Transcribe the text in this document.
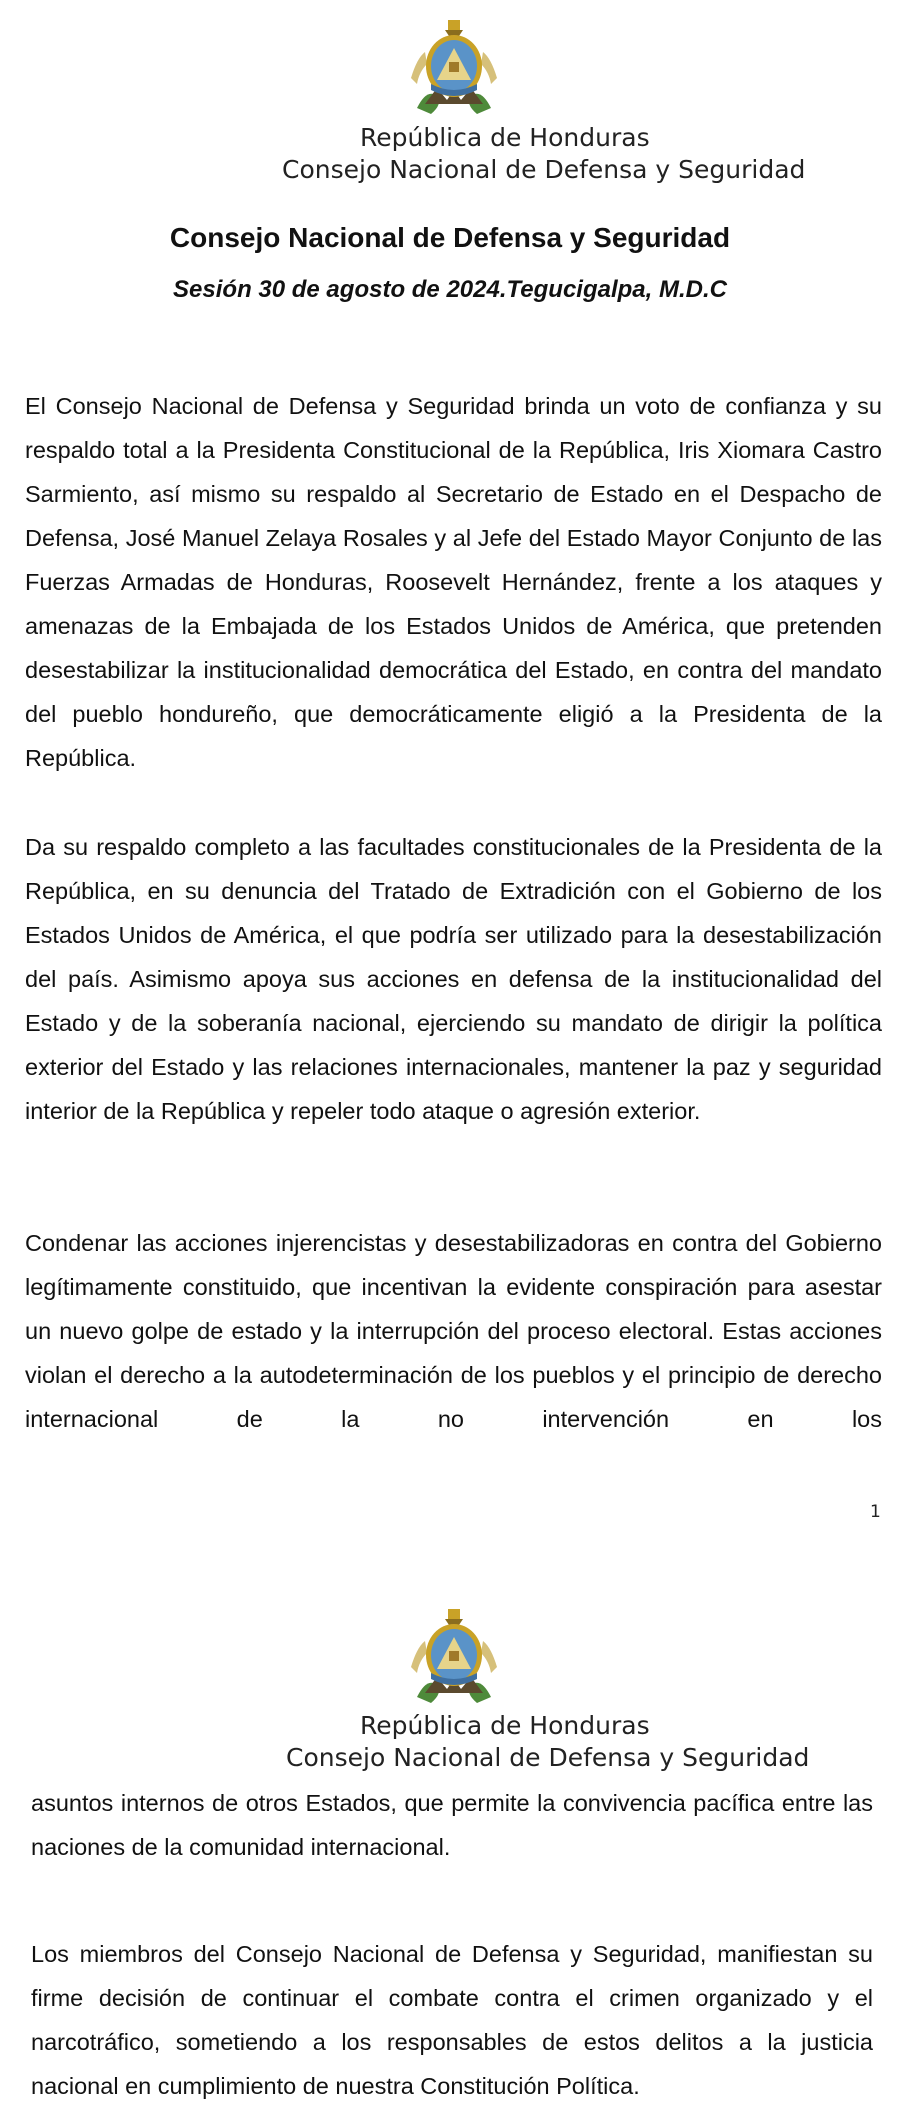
República de Honduras
Consejo Nacional de Defensa y Seguridad
Consejo Nacional de Defensa y Seguridad
Sesión 30 de agosto de 2024.Tegucigalpa, M.D.C

El Consejo Nacional de Defensa y Seguridad brinda un voto de confianza y su respaldo total a la Presidenta Constitucional de la República, Iris Xiomara Castro Sarmiento, así mismo su respaldo al Secretario de Estado en el Despacho de Defensa, José Manuel Zelaya Rosales y al Jefe del Estado Mayor Conjunto de las Fuerzas Armadas de Honduras, Roosevelt Hernández, frente a los ataques y amenazas de la Embajada de los Estados Unidos de América, que pretenden desestabilizar la institucionalidad democrática del Estado, en contra del mandato del pueblo hondureño, que democráticamente eligió a la Presidenta de la República.

Da su respaldo completo a las facultades constitucionales de la Presidenta de la República, en su denuncia del Tratado de Extradición con el Gobierno de los Estados Unidos de América, el que podría ser utilizado para la desestabilización del país. Asimismo apoya sus acciones en defensa de la institucionalidad del Estado y de la soberanía nacional, ejerciendo su mandato de dirigir la política exterior del Estado y las relaciones internacionales, mantener la paz y seguridad interior de la República y repeler todo ataque o agresión exterior.

Condenar las acciones injerencistas y desestabilizadoras en contra del Gobierno legítimamente constituido, que incentivan la evidente conspiración para asestar un nuevo golpe de estado y la interrupción del proceso electoral. Estas acciones violan el derecho a la autodeterminación de los pueblos y el principio de derecho internacional de la no intervención en los

1
República de Honduras
Consejo Nacional de Defensa y Seguridad

asuntos internos de otros Estados, que permite la convivencia pacífica entre las naciones de la comunidad internacional.

Los miembros del Consejo Nacional de Defensa y Seguridad, manifiestan su firme decisión de continuar el combate contra el crimen organizado y el narcotráfico, sometiendo a los responsables de estos delitos a la justicia nacional en cumplimiento de nuestra Constitución Política.
